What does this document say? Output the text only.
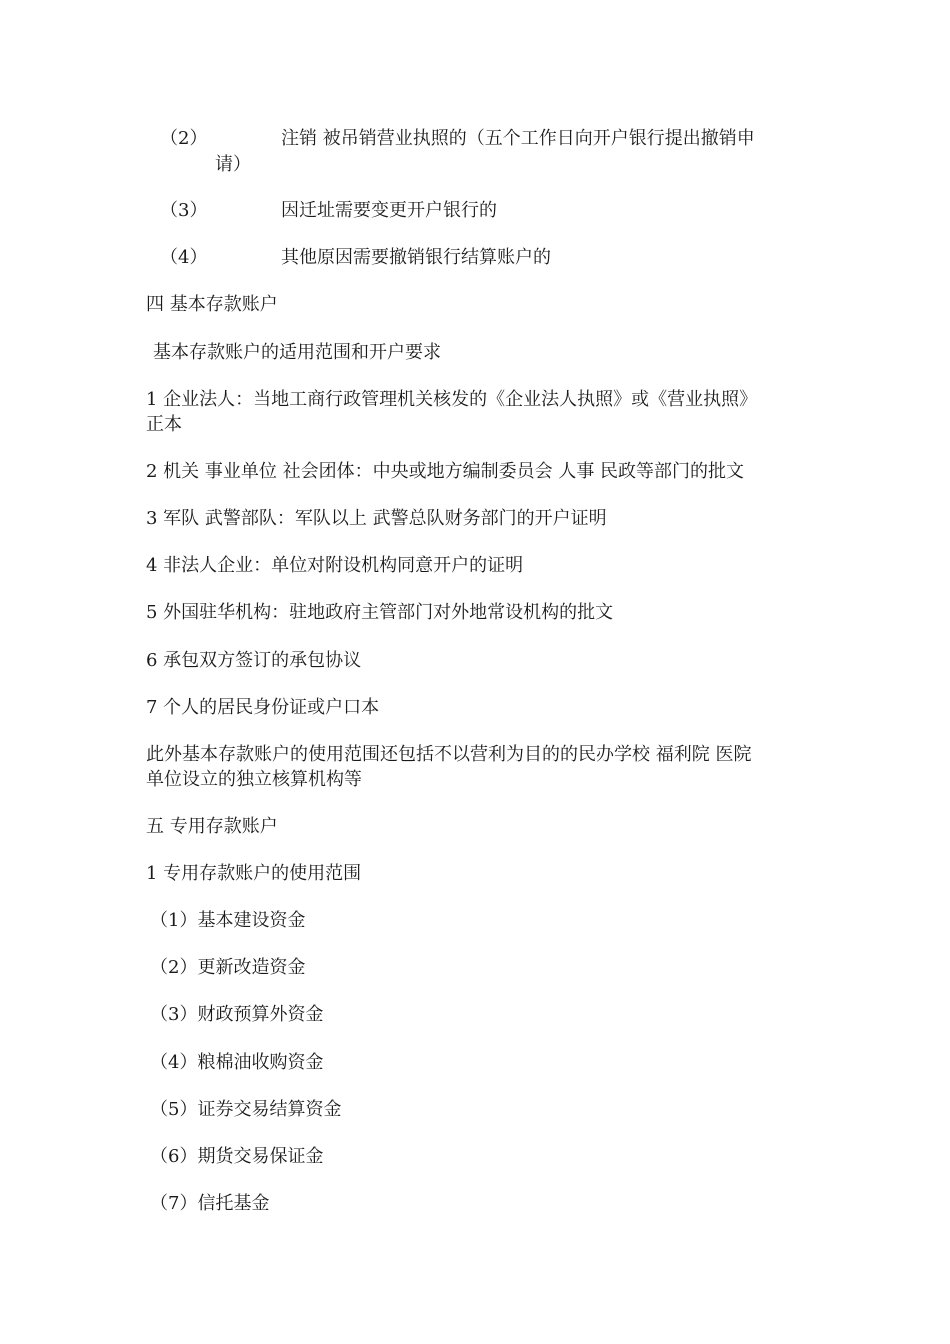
（2）	注销 被吊销营业执照的（五个工作日向开户银行提出撤销申
请）
（3）	因迁址需要变更开户银行的
（4）	其他原因需要撤销银行结算账户的
四 基本存款账户
基本存款账户的适用范围和开户要求
1 企业法人：当地工商行政管理机关核发的《企业法人执照》或《营业执照》
正本
2 机关 事业单位 社会团体：中央或地方编制委员会 人事 民政等部门的批文
3 军队 武警部队：军队以上 武警总队财务部门的开户证明
4 非法人企业：单位对附设机构同意开户的证明
5 外国驻华机构：驻地政府主管部门对外地常设机构的批文
6 承包双方签订的承包协议
7 个人的居民身份证或户口本
此外基本存款账户的使用范围还包括不以营利为目的的民办学校 福利院 医院
单位设立的独立核算机构等
五 专用存款账户
1 专用存款账户的使用范围
（1）基本建设资金
（2）更新改造资金
（3）财政预算外资金
（4）粮棉油收购资金
（5）证券交易结算资金
（6）期货交易保证金
（7）信托基金
